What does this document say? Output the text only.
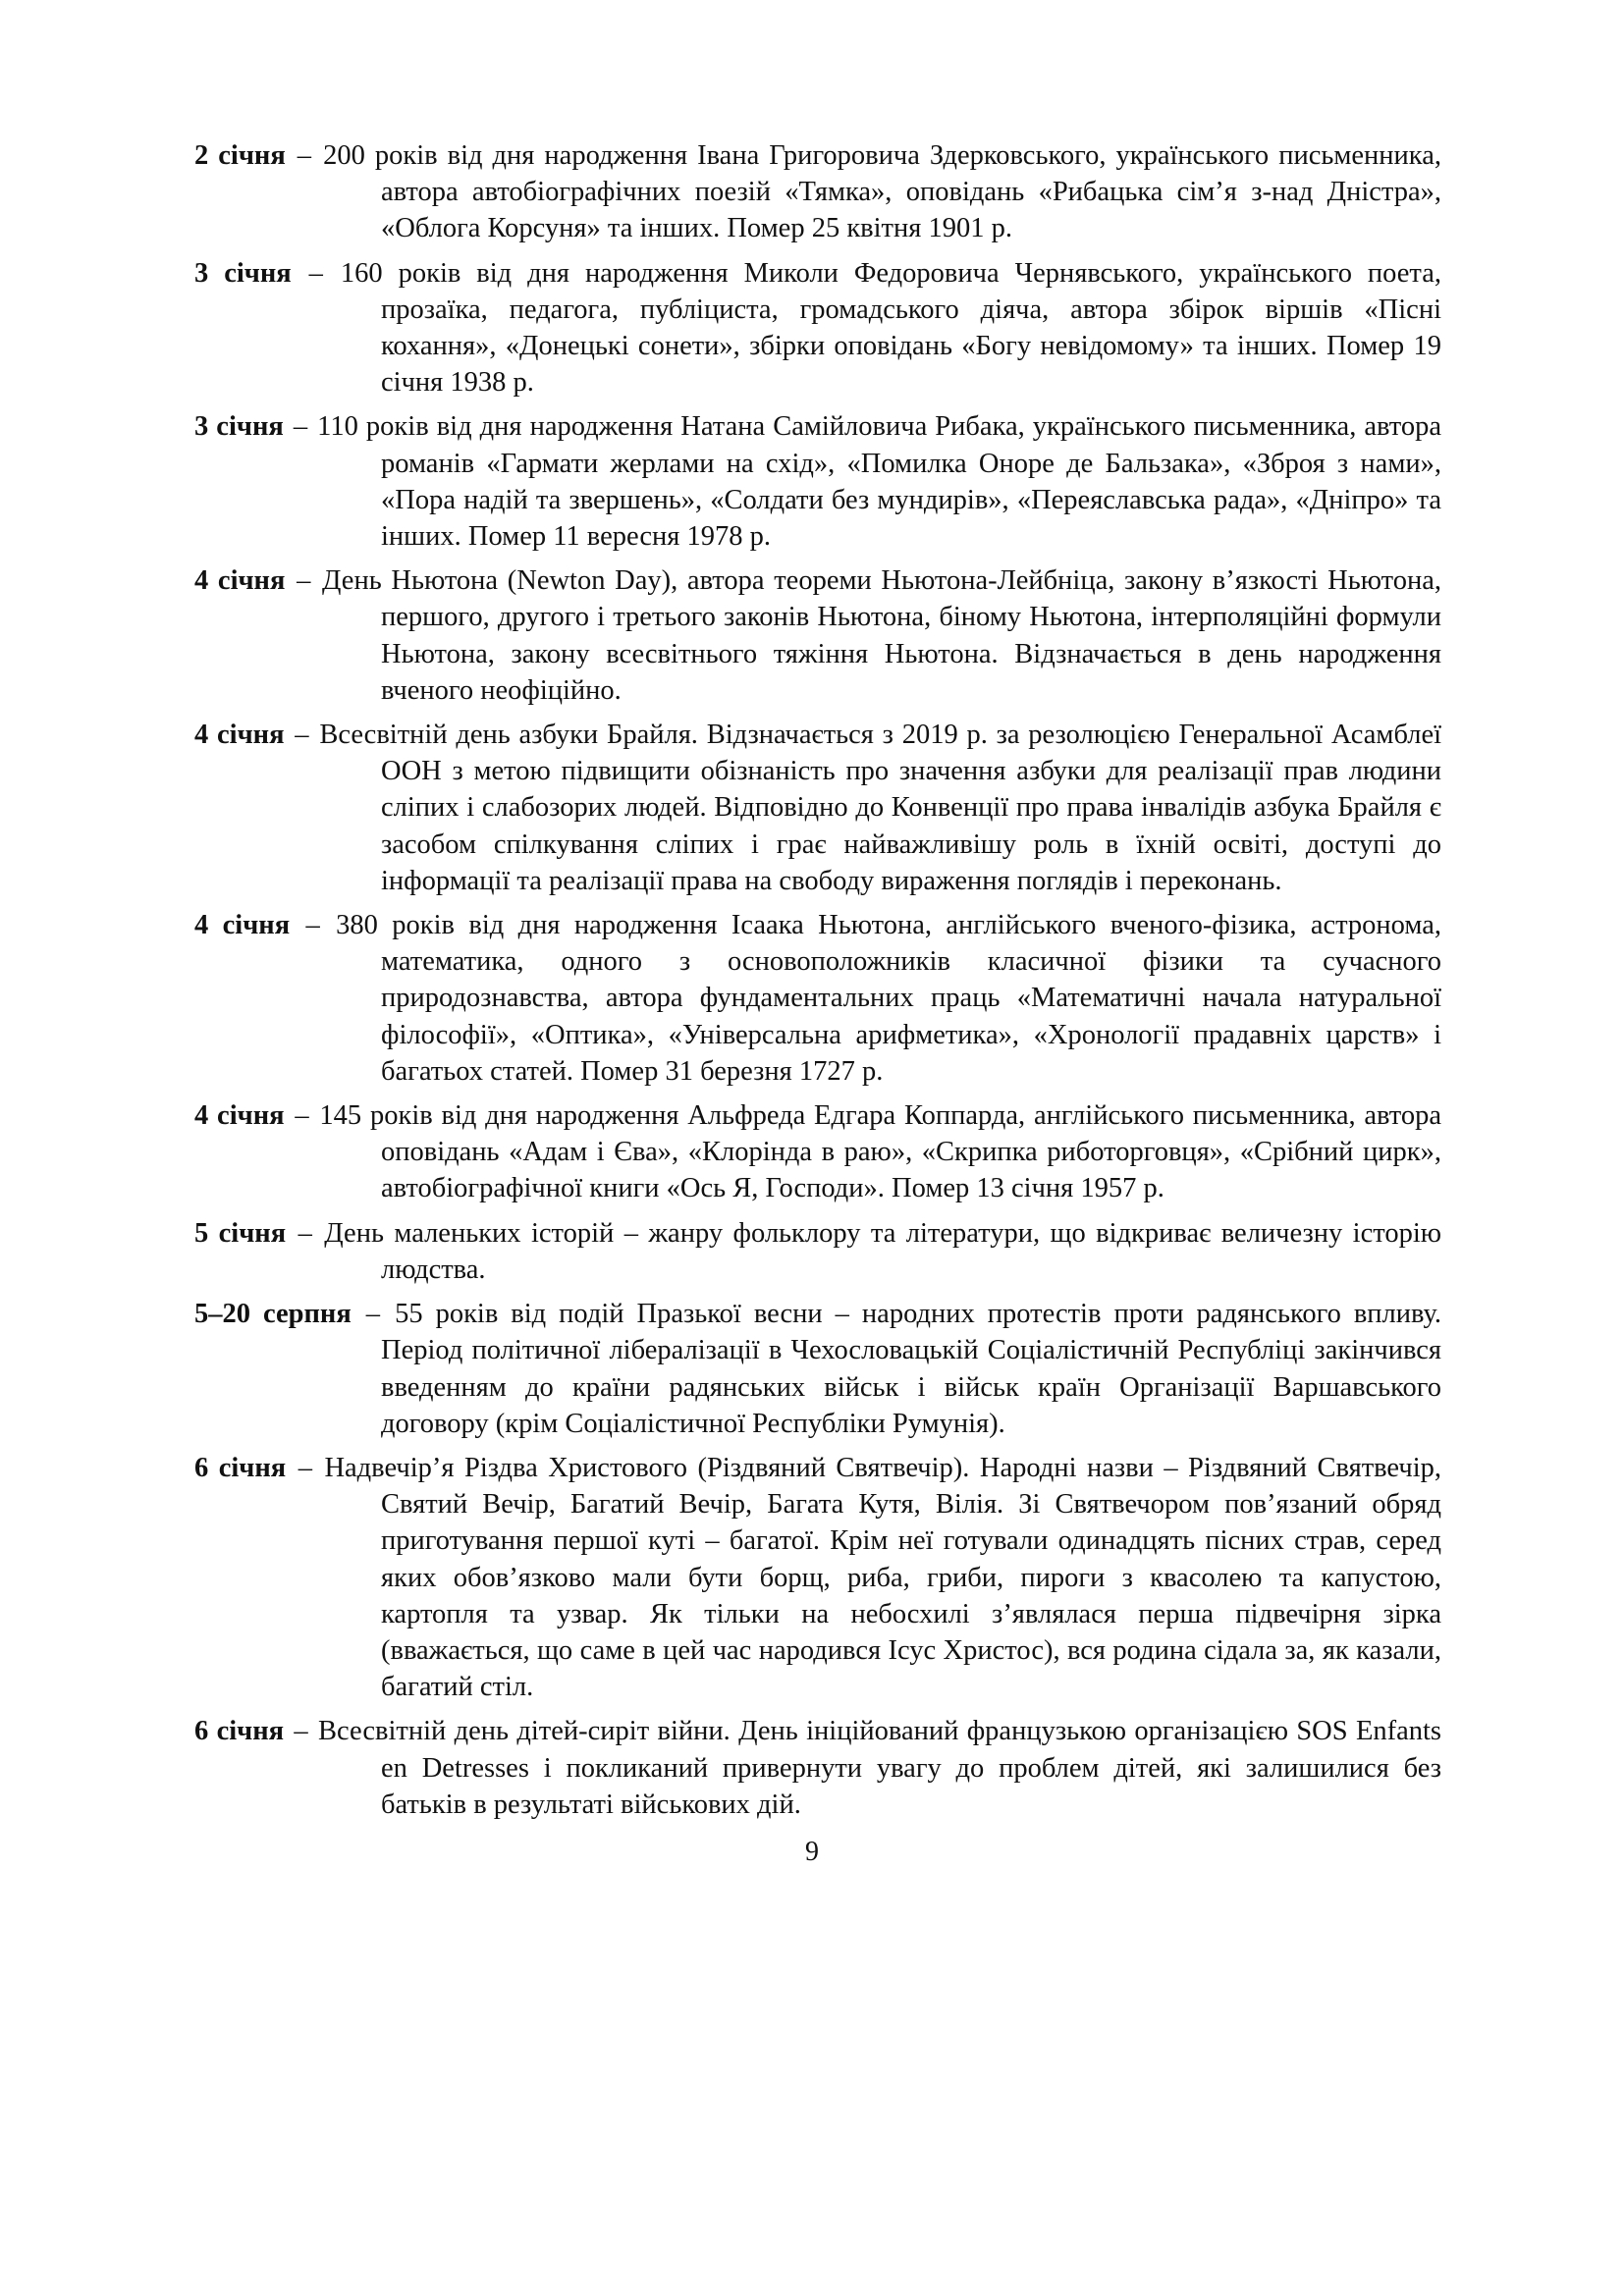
2 січня – 200 років від дня народження Івана Григоровича Здерковського, українського письменника, автора автобіографічних поезій «Тямка», оповідань «Рибацька сім’я з-над Дністра», «Облога Корсуня» та інших. Помер 25 квітня 1901 р.

3 січня – 160 років від дня народження Миколи Федоровича Чернявського, українського поета, прозаїка, педагога, публіциста, громадського діяча, автора збірок віршів «Пісні кохання», «Донецькі сонети», збірки оповідань «Богу невідомому» та інших. Помер 19 січня 1938 р.

3 січня – 110 років від дня народження Натана Самійловича Рибака, українського письменника, автора романів «Гармати жерлами на схід», «Помилка Оноре де Бальзака», «Зброя з нами», «Пора надій та звершень», «Солдати без мундирів», «Переяславська рада», «Дніпро» та інших. Помер 11 вересня 1978 р.

4 січня – День Ньютона (Newton Day), автора теореми Ньютона-Лейбніца, закону в’язкості Ньютона, першого, другого і третього законів Ньютона, біному Ньютона, інтерполяційні формули Ньютона, закону всесвітнього тяжіння Ньютона. Відзначається в день народження вченого неофіційно.

4 січня – Всесвітній день азбуки Брайля. Відзначається з 2019 р. за резолюцією Генеральної Асамблеї ООН з метою підвищити обізнаність про значення азбуки для реалізації прав людини сліпих і слабозорих людей. Відповідно до Конвенції про права інвалідів азбука Брайля є засобом спілкування сліпих і грає найважливішу роль в їхній освіті, доступі до інформації та реалізації права на свободу вираження поглядів і переконань.

4 січня – 380 років від дня народження Ісаака Ньютона, англійського вченого-фізика, астронома, математика, одного з основоположників класичної фізики та сучасного природознавства, автора фундаментальних праць «Математичні начала натуральної філософії», «Оптика», «Універсальна арифметика», «Хронології прадавніх царств» і багатьох статей. Помер 31 березня 1727 р.

4 січня – 145 років від дня народження Альфреда Едгара Коппарда, англійського письменника, автора оповідань «Адам і Єва», «Клоріндa в раю», «Скрипка риботорговця», «Срібний цирк», автобіографічної книги «Ось Я, Господи». Помер 13 січня 1957 р.

5 січня – День маленьких історій – жанру фольклору та літератури, що відкриває величезну історію людства.

5–20 серпня – 55 років від подій Празької весни – народних протестів проти радянського впливу. Період політичної лібералізації в Чехословацькій Соціалістичній Республіці закінчився введенням до країни радянських військ і військ країн Організації Варшавського договору (крім Соціалістичної Республіки Румунія).

6 січня – Надвечір’я Різдва Христового (Різдвяний Святвечір). Народні назви – Різдвяний Святвечір, Святий Вечір, Багатий Вечір, Багата Кутя, Вілія. Зі Святвечором пов’язаний обряд приготування першої куті – багатої. Крім неї готували одинадцять пісних страв, серед яких обов’язково мали бути борщ, риба, гриби, пироги з квасолею та капустою, картопля та узвар. Як тільки на небосхилі з’являлася перша підвечірня зірка (вважається, що саме в цей час народився Ісус Христос), вся родина сідала за, як казали, багатий стіл.

6 січня – Всесвітній день дітей-сиріт війни. День ініційований французькою організацією SOS Enfants en Detresses і покликаний привернути увагу до проблем дітей, які залишилися без батьків в результаті військових дій.

9
